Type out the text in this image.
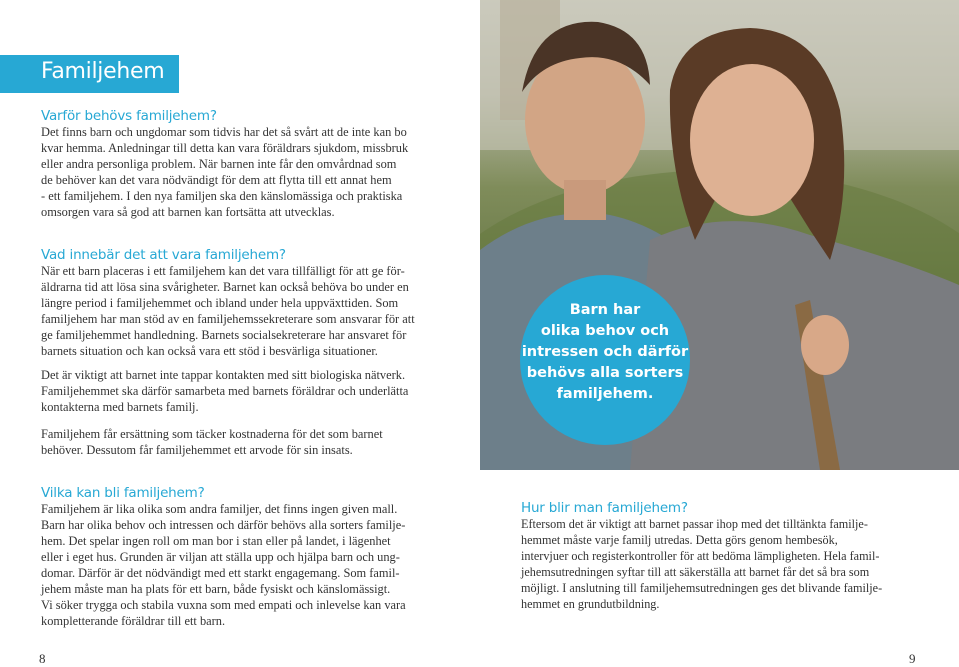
Familjehem
Varför behövs familjehem?
Det finns barn och ungdomar som tidvis har det så svårt att de inte kan bo
kvar hemma. Anledningar till detta kan vara föräldrars sjukdom, missbruk
eller andra personliga problem. När barnen inte får den omvårdnad som
de behöver kan det vara nödvändigt för dem att flytta till ett annat hem
- ett familjehem. I den nya familjen ska den känslomässiga och praktiska
omsorgen vara så god att barnen kan fortsätta att utvecklas.
Vad innebär det att vara familjehem?
När ett barn placeras i ett familjehem kan det vara tillfälligt för att ge för-
äldrarna tid att lösa sina svårigheter. Barnet kan också behöva bo under en
längre period i familjehemmet och ibland under hela uppväxttiden. Som
familjehem har man stöd av en familjehemssekreterare som ansvarar för att
ge familjehemmet handledning. Barnets socialsekreterare har ansvaret för
barnets situation och kan också vara ett stöd i besvärliga situationer.
Det är viktigt att barnet inte tappar kontakten med sitt biologiska nätverk.
Familjehemmet ska därför samarbeta med barnets föräldrar och underlätta
kontakterna med barnets familj.
Familjehem får ersättning som täcker kostnaderna för det som barnet
behöver. Dessutom får familjehemmet ett arvode för sin insats.
Vilka kan bli familjehem?
Familjehem är lika olika som andra familjer, det finns ingen given mall.
Barn har olika behov och intressen och därför behövs alla sorters familje-
hem. Det spelar ingen roll om man bor i stan eller på landet, i lägenhet
eller i eget hus. Grunden är viljan att ställa upp och hjälpa barn och ung-
domar. Därför är det nödvändigt med ett starkt engagemang. Som famil-
jehem måste man ha plats för ett barn, både fysiskt och känslomässigt.
Vi söker trygga och stabila vuxna som med empati och inlevelse kan vara
kompletterande föräldrar till ett barn.
Barn har
olika behov och
intressen och därför
behövs alla sorters
familjehem.
Hur blir man familjehem?
Eftersom det är viktigt att barnet passar ihop med det tilltänkta familje-
hemmet måste varje familj utredas. Detta görs genom hembesök,
intervjuer och registerkontroller för att bedöma lämpligheten. Hela famil-
jehemsutredningen syftar till att säkerställa att barnet får det så bra som
möjligt. I anslutning till familjehemsutredningen ges det blivande familje-
hemmet en grundutbildning.
8	9
